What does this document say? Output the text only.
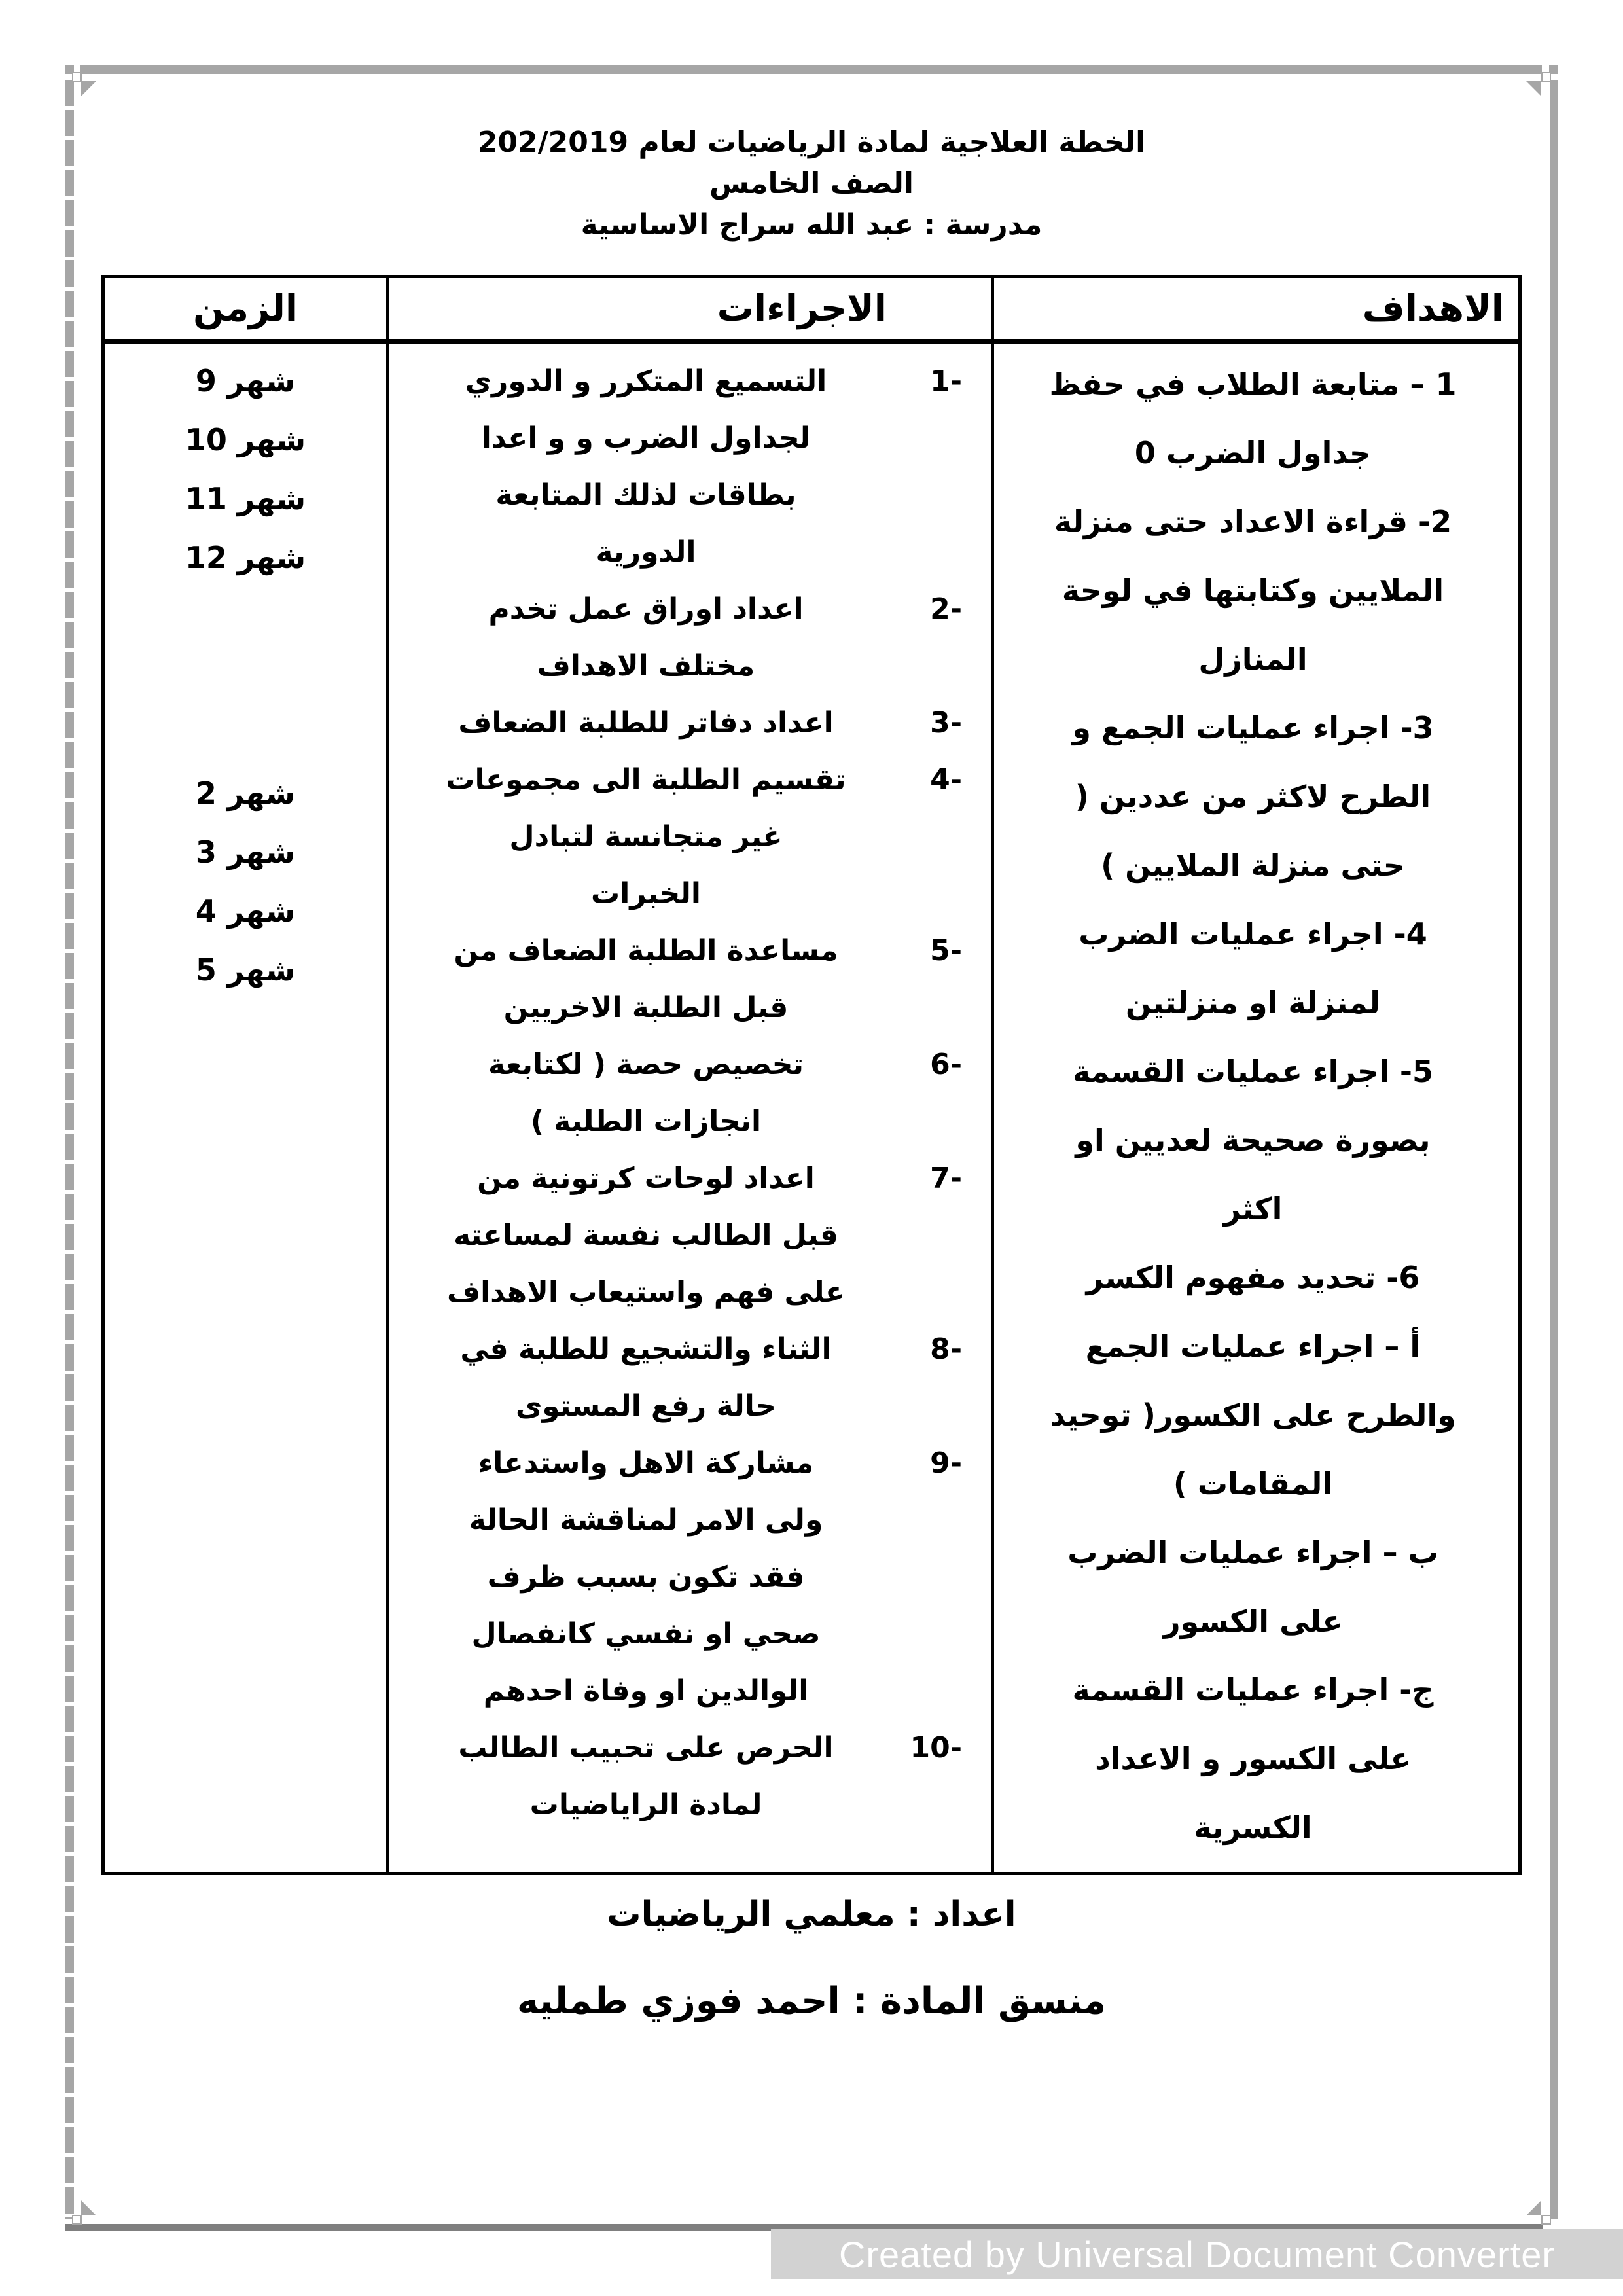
الخطة العلاجية لمادة الرياضيات لعام 202/2019
الصف الخامس
مدرسة : عبد الله سراج الاساسية
الاهداف
الاجراءات
الزمن
1 – متابعة الطلاب في حفظ
جداول الضرب 0
2- قراءة الاعداد حتى منزلة
الملايين وكتابتها في لوحة
المنازل
3- اجراء عمليات الجمع و
الطرح لاكثر من عددين (
حتى منزلة الملايين )
4- اجراء عمليات الضرب
لمنزلة او منزلتين
5- اجراء عمليات القسمة
بصورة صحيحة لعديين او
اكثر
6- تحديد مفهوم الكسر
أ – اجراء عمليات الجمع
والطرح على الكسور( توحيد
المقامات )
ب – اجراء عمليات الضرب
على الكسور
ج- اجراء عمليات القسمة
على الكسور و الاعداد
الكسرية
1-
التسميع المتكرر و الدوري
لجداول الضرب و و اعدا
بطاقات لذلك المتابعة
الدورية
2-
اعداد اوراق عمل تخدم
مختلف الاهداف
3-
اعداد دفاتر للطلبة الضعاف
4-
تقسيم الطلبة الى مجموعات
غير متجانسة لتبادل
الخبرات
5-
مساعدة الطلبة الضعاف من
قبل الطلبة الاخريين
6-
تخصيص حصة ( لكتابعة
انجازات الطلبة )
7-
اعداد لوحات كرتونية من
قبل الطالب نفسة لمساعته
على فهم واستيعاب الاهداف
8-
الثناء والتشجيع للطلبة في
حالة رفع المستوى
9-
مشاركة الاهل واستدعاء
ولى الامر لمناقشة الحالة
فقد تكون بسبب ظرف
صحي او نفسي كانفصال
الوالدين او وفاة احدهم
10-
الحرص على تحبيب الطالب
لمادة الراياضيات
شهر 9
شهر 10
شهر 11
شهر 12
شهر 2
شهر 3
شهر 4
شهر 5
اعداد : معلمي الرياضيات
منسق المادة : احمد فوزي طمليه
Created by Universal Document Converter
